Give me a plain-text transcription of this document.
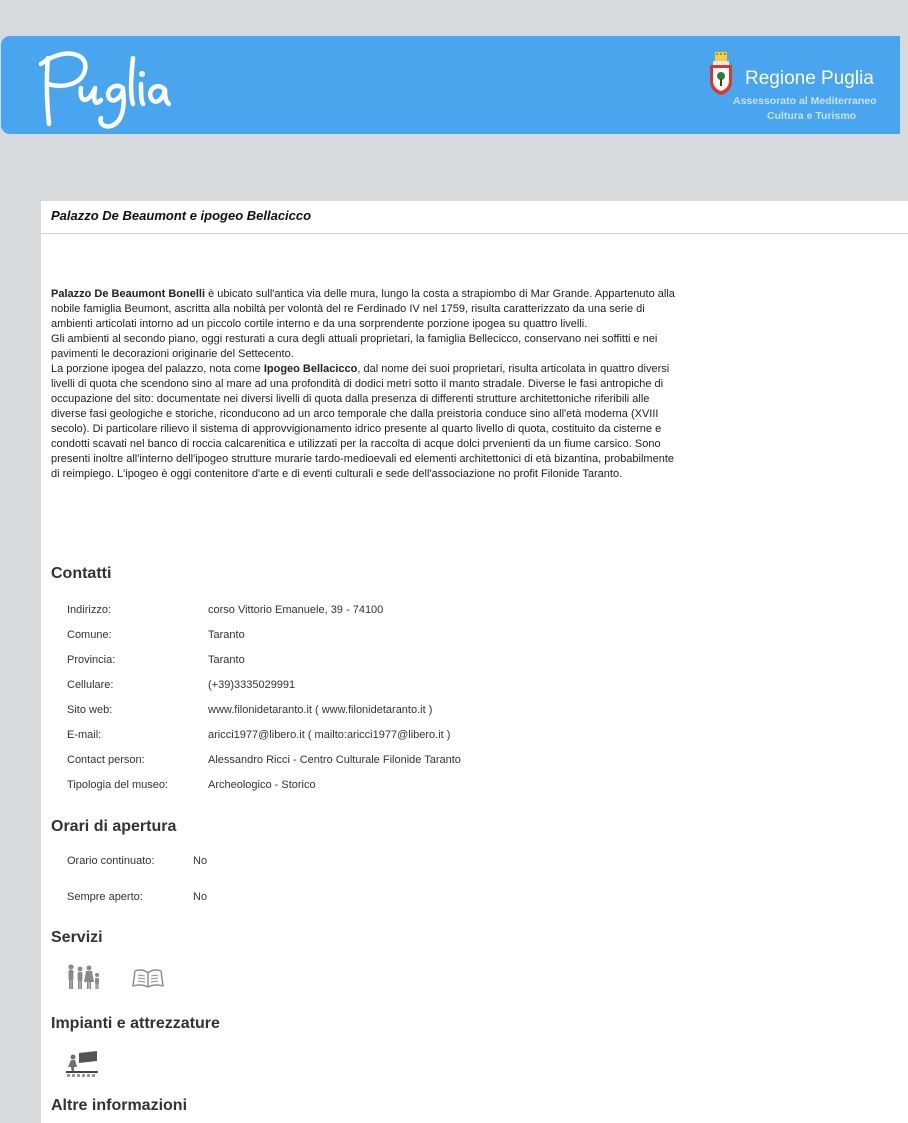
Regione Puglia
Assessorato al Mediterraneo
Cultura e Turismo
Palazzo De Beaumont e ipogeo Bellacicco

Palazzo De Beaumont Bonelli è ubicato sull'antica via delle mura, lungo la costa a strapiombo di Mar Grande. Appartenuto alla nobile famiglia Beumont, ascritta alla nobiltà per volontà del re Ferdinado IV nel 1759, risulta caratterizzato da una serie di ambienti articolati intorno ad un piccolo cortile interno e da una sorprendente porzione ipogea su quattro livelli.

Gli ambienti al secondo piano, oggi resturati a cura degli attuali proprietari, la famiglia Bellecicco, conservano nei soffitti e nei pavimenti le decorazioni originarie del Settecento.

La porzione ipogea del palazzo, nota come Ipogeo Bellacicco, dal nome dei suoi proprietari, risulta articolata in quattro diversi livelli di quota che scendono sino al mare ad una profondità di dodici metri sotto il manto stradale. Diverse le fasi antropiche di occupazione del sito: documentate nei diversi livelli di quota dalla presenza di differenti strutture architettoniche riferibili alle diverse fasi geologiche e storiche, riconducono ad un arco temporale che dalla preistoria conduce sino all'età moderna (XVIII secolo). Di particolare rilievo il sistema di approvvigionamento idrico presente al quarto livello di quota, costituito da cisterne e condotti scavati nel banco di roccia calcarenitica e utilizzati per la raccolta di acque dolci prvenienti da un fiume carsico. Sono presenti inoltre all'interno dell'ipogeo strutture murarie tardo-medioevali ed elementi architettonici di età bizantina, probabilmente di reimpiego. L'ipogeo è oggi contenitore d'arte e di eventi culturali e sede dell'associazione no profit Filonide Taranto.

Contatti
Indirizzo:	corso Vittorio Emanuele, 39 - 74100
Comune:	Taranto
Provincia:	Taranto
Cellulare:	(+39)3335029991
Sito web:	www.filonidetaranto.it ( www.filonidetaranto.it )
E-mail:	aricci1977@libero.it ( mailto:aricci1977@libero.it )
Contact person:	Alessandro Ricci - Centro Culturale Filonide Taranto
Tipologia del museo:	Archeologico - Storico
Orari di apertura
Orario continuato:	No
Sempre aperto:	No
Servizi
Impianti e attrezzature
Altre informazioni
